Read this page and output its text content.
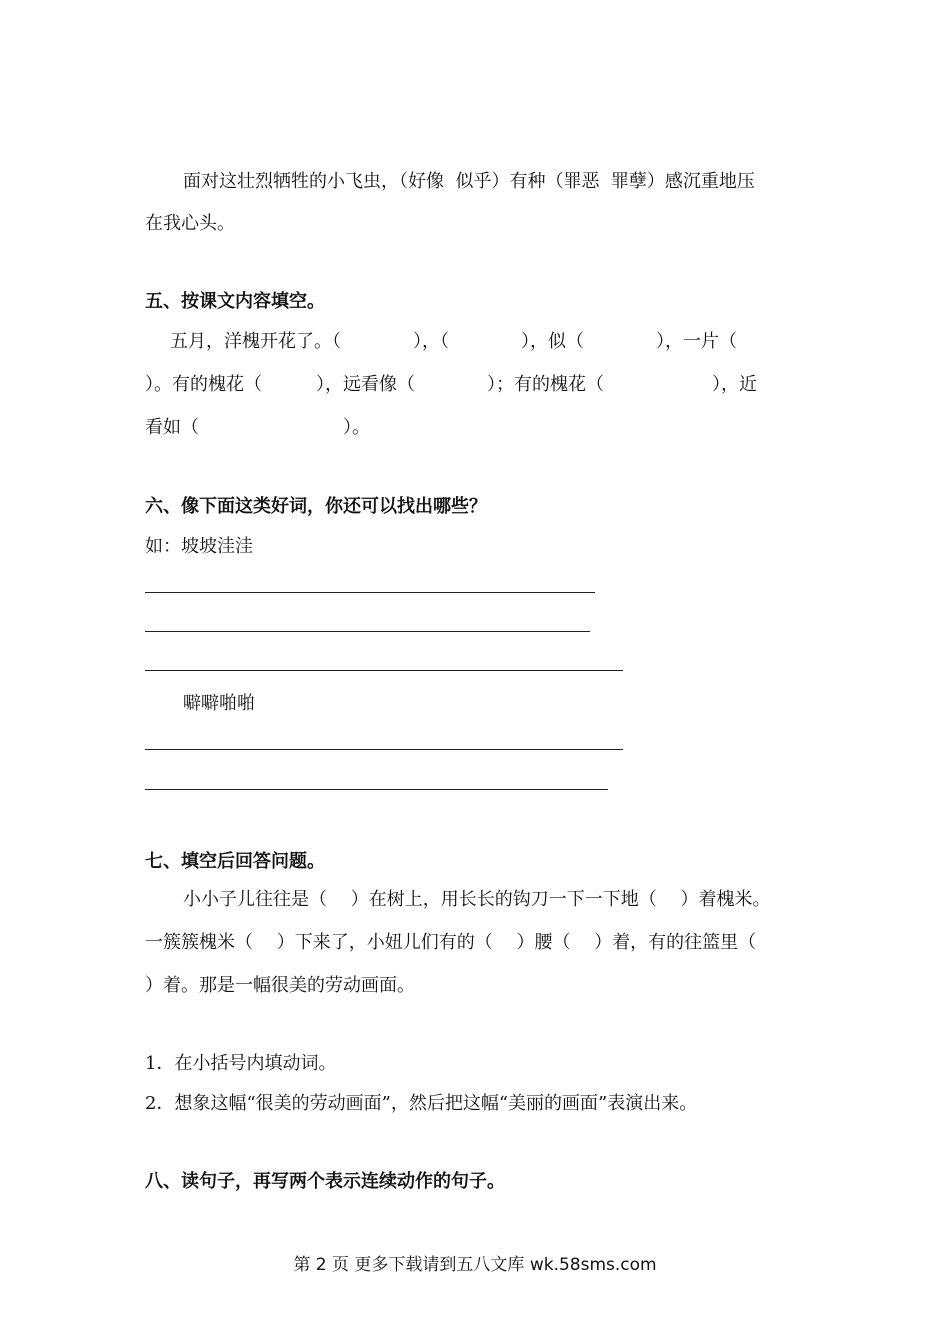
面对这壮烈牺牲的小飞虫，（好像  似乎）有种（罪恶  罪孽）感沉重地压
在我心头。
五、按课文内容填空。
五月，洋槐开花了。（　　　　），（　　　　），似（　　　　），一片（
）。有的槐花（　　　），远看像（　　　　）；有的槐花（　　　　　　），近
看如（　　　　　　　　）。
六、像下面这类好词，你还可以找出哪些？
如：坡坡洼洼
噼噼啪啪
七、填空后回答问题。
小小子儿往往是（　 ）在树上，用长长的钩刀一下一下地（　 ）着槐米。
一簇簇槐米（　 ）下来了，小妞儿们有的（　 ）腰（　 ）着，有的往篮里（
）着。那是一幅很美的劳动画面。
1．在小括号内填动词。
2．想象这幅“很美的劳动画面”，然后把这幅“美丽的画面”表演出来。
八、读句子，再写两个表示连续动作的句子。
第 2 页 更多下载请到五八文库 wk.58sms.com
